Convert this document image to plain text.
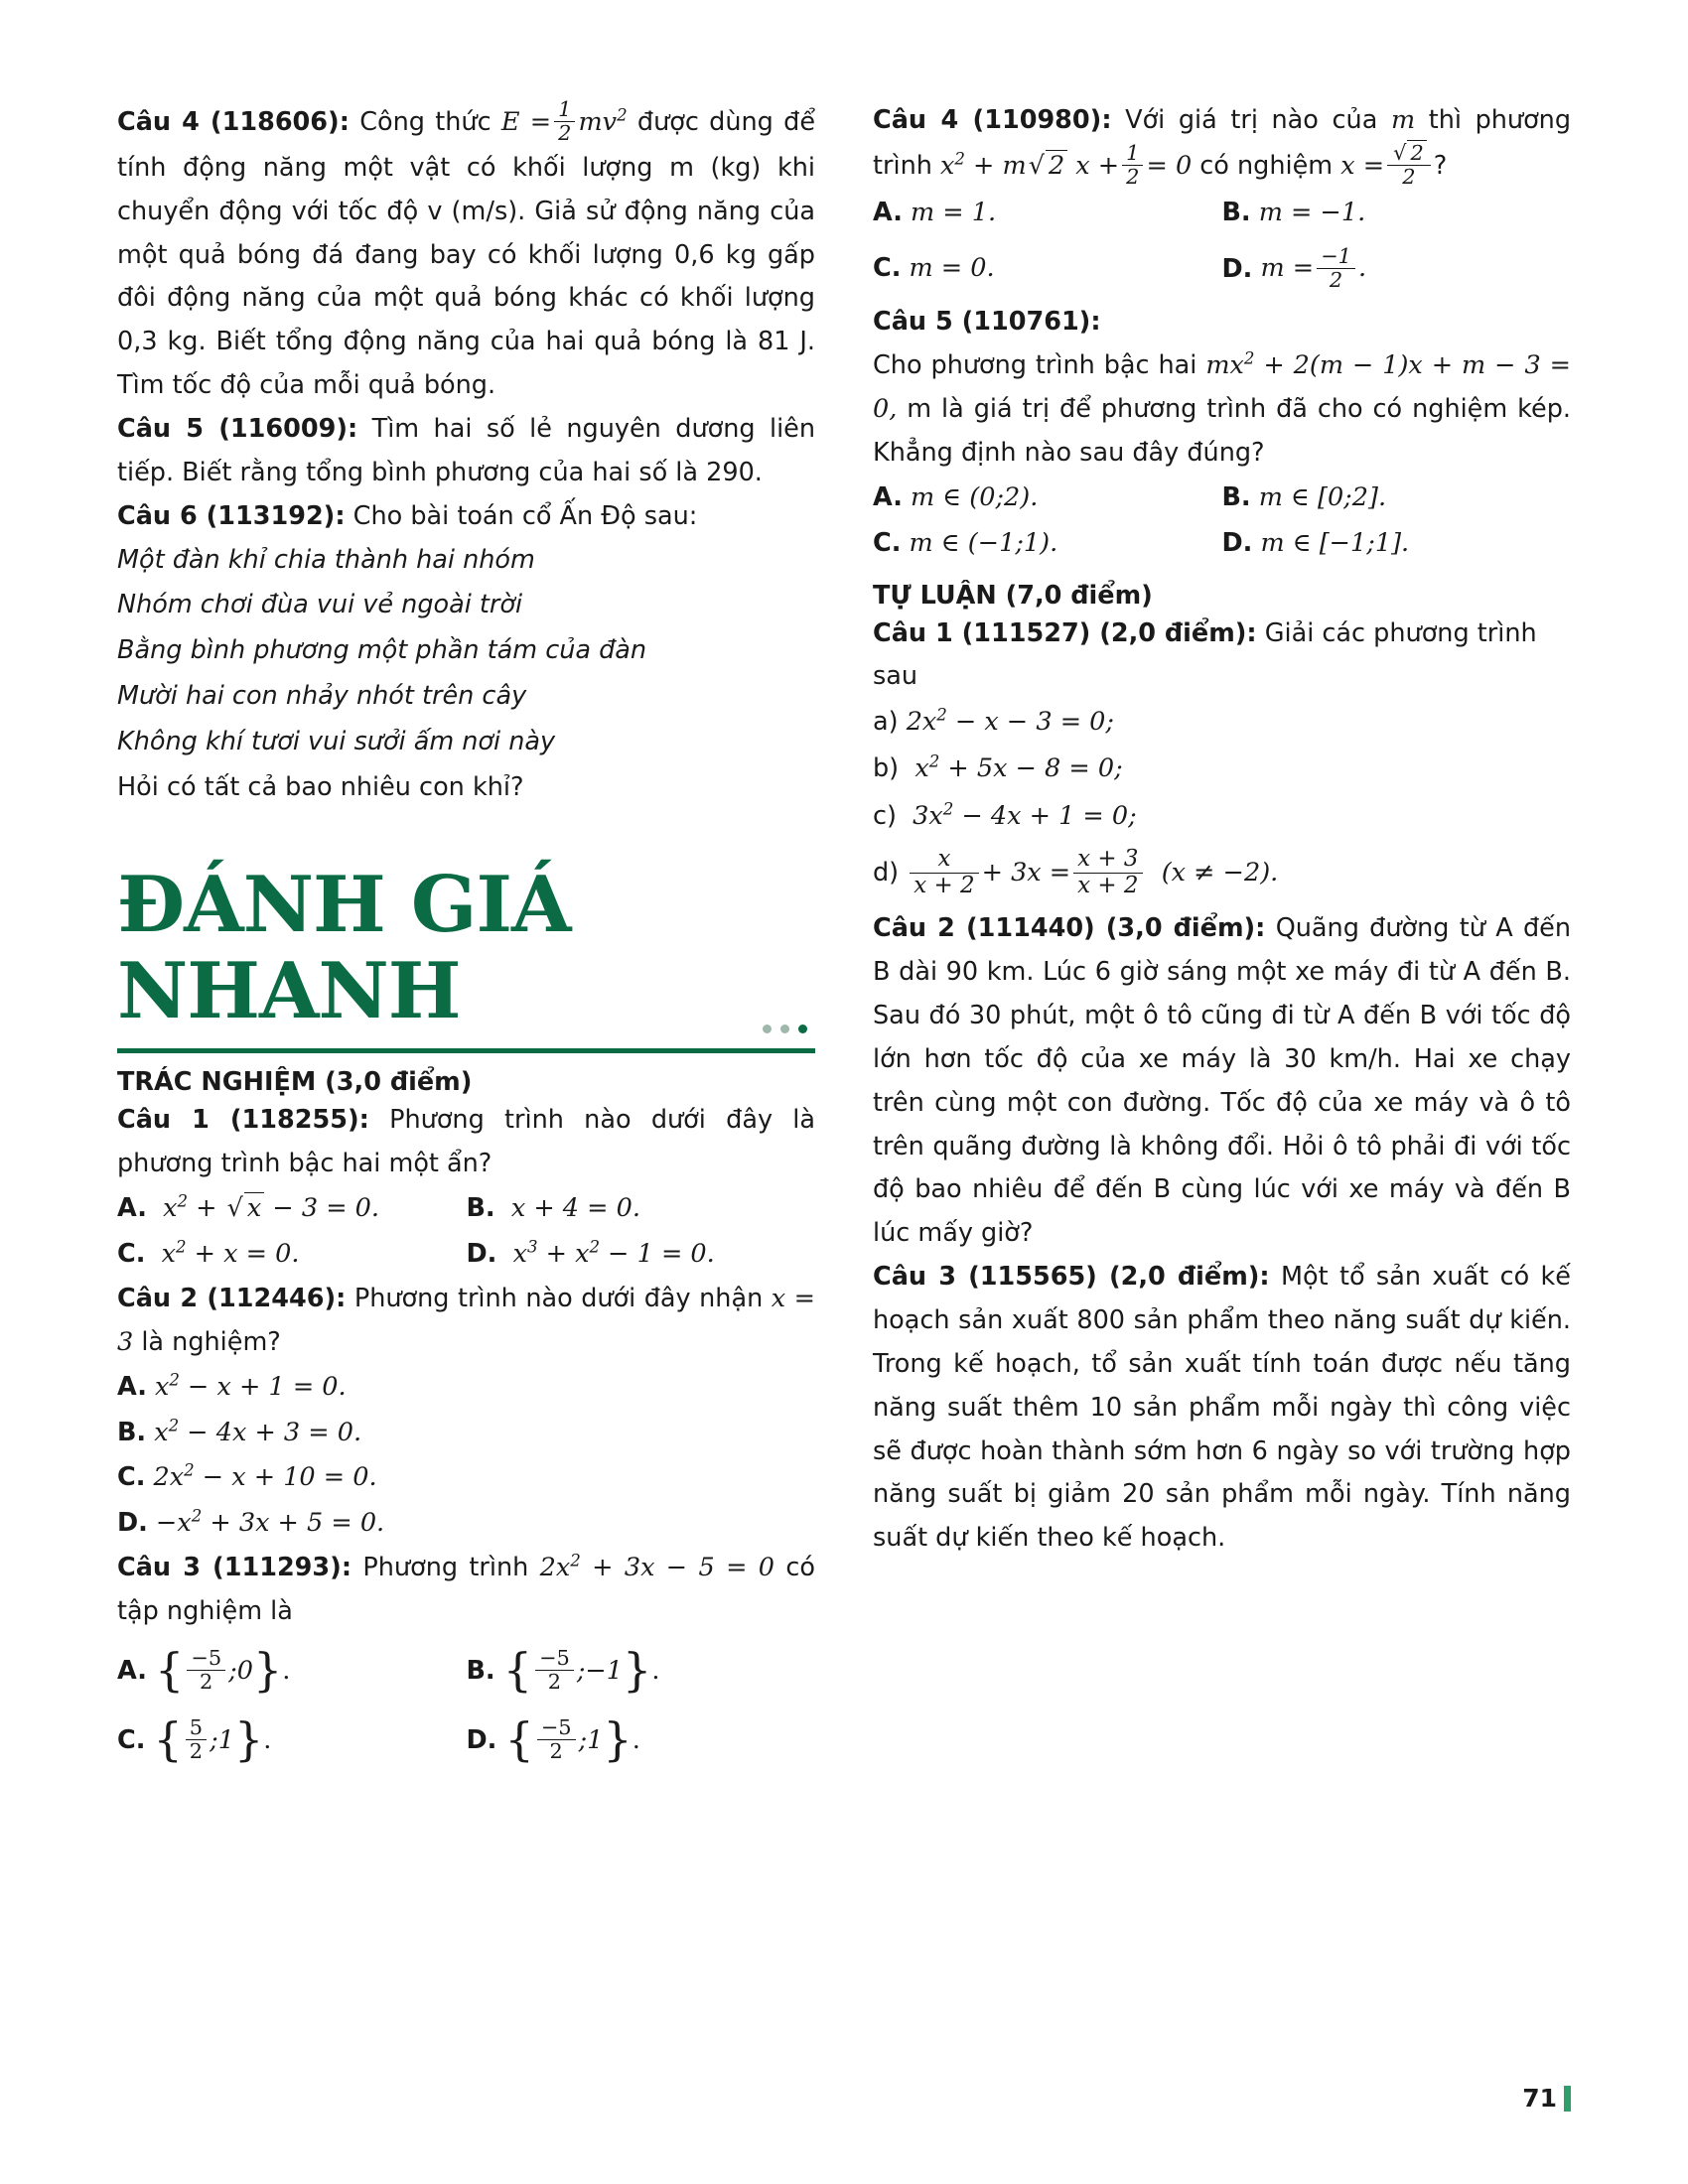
Câu 4 (118606): Công thức $E = \frac{1}{2} mv^2$ được dùng để tính động năng một vật có khối lượng m (kg) khi chuyển động với tốc độ v (m/s). Giả sử động năng của một quả bóng đá đang bay có khối lượng 0,6 kg gấp đôi động năng của một quả bóng khác có khối lượng 0,3 kg. Biết tổng động năng của hai quả bóng là 81 J. Tìm tốc độ của mỗi quả bóng.
Câu 5 (116009): Tìm hai số lẻ nguyên dương liên tiếp. Biết rằng tổng bình phương của hai số là 290.
Câu 6 (113192): Cho bài toán cổ Ấn Độ sau:
Một đàn khỉ chia thành hai nhóm
Nhóm chơi đùa vui vẻ ngoài trời
Bằng bình phương một phần tám của đàn
Mười hai con nhảy nhót trên cây
Không khí tươi vui sưởi ấm nơi này
Hỏi có tất cả bao nhiêu con khỉ?
ĐÁNH GIÁ
NHANH
TRÁC NGHIỆM (3,0 điểm)
Câu 1 (118255): Phương trình nào dưới đây là phương trình bậc hai một ẩn?
A.  $x^2$ + √ x − 3 = 0.	B.  x + 4 = 0.
C.  $x^2 + x = 0$.	D.  $x^3 + x^2 - 1 = 0$.
Câu 2 (112446): Phương trình nào dưới đây nhận x = 3 là nghiệm?
A. $x^2 - x + 1 = 0$.
B. $x^2 - 4x + 3 = 0$.
C. $2x^2 - x + 10 = 0$.
D. $-x^2 + 3x + 5 = 0$.
Câu 3 (111293): Phương trình $2x^2 + 3x - 5 = 0$ có tập nghiệm là
A. { $\frac{-5}{2}$ ;0 } .	B. { $\frac{-5}{2}$ ;−1 } .
C. { $\frac{5}{2}$ ;1 } .	D. { $\frac{-5}{2}$ ;1 } .
Câu 4 (110980): Với giá trị nào của m thì phương trình $x^2 + m√$ 2 $x + \frac{1}{2} = 0$ có nghiệm $x = \frac{√ 2}{2}$ ?
A. m = 1.	B. m = −1.
C. m = 0.	D. $m = \frac{-1}{2}$ .
Câu 5 (110761):
Cho phương trình bậc hai $mx^2 + 2(m - 1)x + m - 3 = 0$, m là giá trị để phương trình đã cho có nghiệm kép. Khẳng định nào sau đây đúng?
A. m ∈ (0;2).	B. m ∈ [0;2].
C. m ∈ (−1;1).	D. m ∈ [−1;1].
TỰ LUẬN (7,0 điểm)
Câu 1 (111527) (2,0 điểm): Giải các phương trình sau
a) $2x^2 - x - 3 = 0$;
b)  $x^2 + 5x - 8 = 0$;
c)  $3x^2 - 4x + 1 = 0$;
$d) \frac{x}{x + 2} + 3x = \frac{x + 3}{x + 2} (x \ne -2)$.
Câu 2 (111440) (3,0 điểm): Quãng đường từ A đến B dài 90 km. Lúc 6 giờ sáng một xe máy đi từ A đến B. Sau đó 30 phút, một ô tô cũng đi từ A đến B với tốc độ lớn hơn tốc độ của xe máy là 30 km/h. Hai xe chạy trên cùng một con đường. Tốc độ của xe máy và ô tô trên quãng đường là không đổi. Hỏi ô tô phải đi với tốc độ bao nhiêu để đến B cùng lúc với xe máy và đến B lúc mấy giờ?
Câu 3 (115565) (2,0 điểm): Một tổ sản xuất có kế hoạch sản xuất 800 sản phẩm theo năng suất dự kiến. Trong kế hoạch, tổ sản xuất tính toán được nếu tăng năng suất thêm 10 sản phẩm mỗi ngày thì công việc sẽ được hoàn thành sớm hơn 6 ngày so với trường hợp năng suất bị giảm 20 sản phẩm mỗi ngày. Tính năng suất dự kiến theo kế hoạch.
71
